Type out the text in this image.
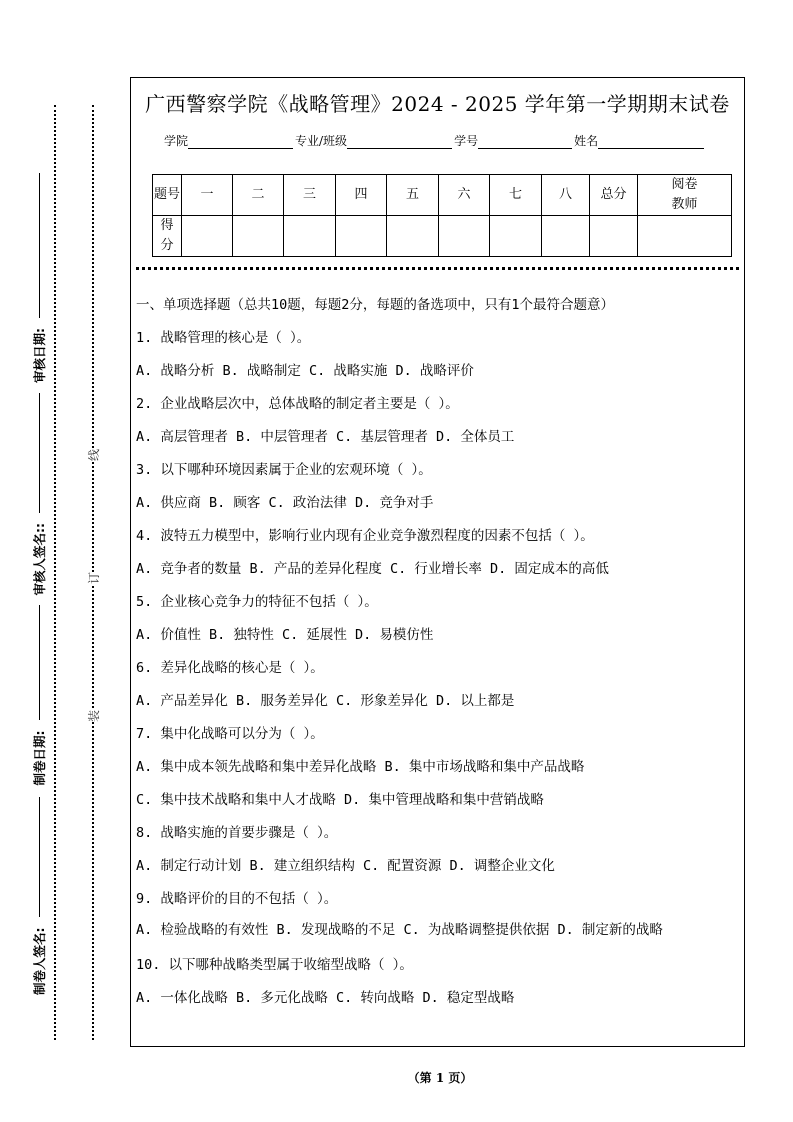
制卷人签名:
制卷日期:
审核人签名::
审核日期:
装
订
线
广西警察学院《战略管理》2024 - 2025 学年第一学期期末试卷
学院	专业/班级	学号	姓名
题号	一	二	三	四	五	六	七	八	总分	阅卷教师
得分										
一、单项选择题（总共10题，每题2分，每题的备选项中，只有1个最符合题意）
1. 战略管理的核心是（ ）。
A. 战略分析 B. 战略制定 C. 战略实施 D. 战略评价
2. 企业战略层次中，总体战略的制定者主要是（ ）。
A. 高层管理者 B. 中层管理者 C. 基层管理者 D. 全体员工
3. 以下哪种环境因素属于企业的宏观环境（ ）。
A. 供应商 B. 顾客 C. 政治法律 D. 竞争对手
4. 波特五力模型中，影响行业内现有企业竞争激烈程度的因素不包括（ ）。
A. 竞争者的数量 B. 产品的差异化程度 C. 行业增长率 D. 固定成本的高低
5. 企业核心竞争力的特征不包括（ ）。
A. 价值性 B. 独特性 C. 延展性 D. 易模仿性
6. 差异化战略的核心是（ ）。
A. 产品差异化 B. 服务差异化 C. 形象差异化 D. 以上都是
7. 集中化战略可以分为（ ）。
A. 集中成本领先战略和集中差异化战略 B. 集中市场战略和集中产品战略
C. 集中技术战略和集中人才战略 D. 集中管理战略和集中营销战略
8. 战略实施的首要步骤是（ ）。
A. 制定行动计划 B. 建立组织结构 C. 配置资源 D. 调整企业文化
9. 战略评价的目的不包括（ ）。
A. 检验战略的有效性 B. 发现战略的不足 C. 为战略调整提供依据 D. 制定新的战略
10. 以下哪种战略类型属于收缩型战略（ ）。
A. 一体化战略 B. 多元化战略 C. 转向战略 D. 稳定型战略
（第 1 页）
